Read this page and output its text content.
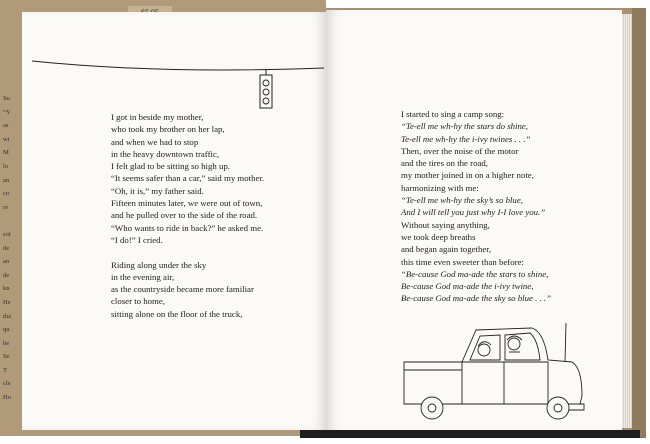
Su
“Y
as
wi
M
lo
an
co
re
soi
de
an
de
kn
He
tha
qu
be
Se
T
cle
Ho
I got in beside my mother,
who took my brother on her lap,
and when we had to stop
in the heavy downtown traffic,
I felt glad to be sitting so high up.
“It seems safer than a car,” said my mother.
“Oh, it is,” my father said.
Fifteen minutes later, we were out of town,
and he pulled over to the side of the road.
“Who wants to ride in back?” he asked me.
“I do!” I cried.
Riding along under the sky
in the evening air,
as the countryside became more familiar
closer to home,
sitting alone on the floor of the truck,
I started to sing a camp song:
“Te-ell me wh-hy the stars do shine,
Te-ell me wh-hy the i-ivy twines . . .”
Then, over the noise of the motor
and the tires on the road,
my mother joined in on a higher note,
harmonizing with me:
“Te-ell me wh-hy the sky’s so blue,
And I will tell you just why I-I love you.”
Without saying anything,
we took deep breaths
and began again together,
this time even sweeter than before:
“Be-cause God ma-ade the stars to shine,
Be-cause God ma-ade the i-ivy twine,
Be-cause God ma-ade the sky so blue . . .”
